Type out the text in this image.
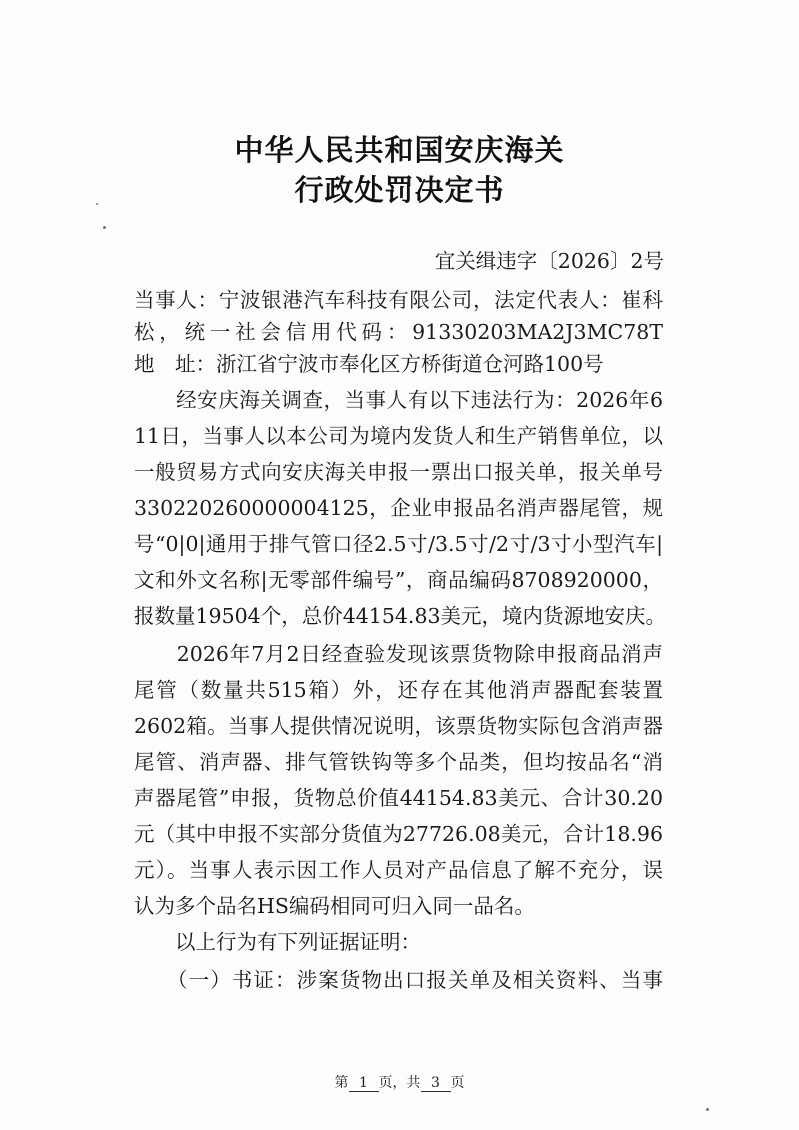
中华人民共和国安庆海关
行政处罚决定书
宜关缉违字〔2026〕2号
当事人：宁波银港汽车科技有限公司，法定代表人：崔科
松，统一社会信用代码：91330203MA2J3MC78T
地　址：浙江省宁波市奉化区方桥街道仓河路100号
　　经安庆海关调查，当事人有以下违法行为：2026年6
11日，当事人以本公司为境内发货人和生产销售单位，以
一般贸易方式向安庆海关申报一票出口报关单，报关单号
330220260000004125，企业申报品名消声器尾管，规
号“0|0|通用于排气管口径2.5寸/3.5寸/2寸/3寸小型汽车|
文和外文名称|无零部件编号”，商品编码8708920000，
报数量19504个，总价44154.83美元，境内货源地安庆。
　　2026年7月2日经查验发现该票货物除申报商品消声
尾管（数量共515箱）外，还存在其他消声器配套装置
2602箱。当事人提供情况说明，该票货物实际包含消声器
尾管、消声器、排气管铁钩等多个品类，但均按品名“消
声器尾管”申报，货物总价值44154.83美元、合计30.20
元（其中申报不实部分货值为27726.08美元，合计18.96
元）。当事人表示因工作人员对产品信息了解不充分，误
认为多个品名HS编码相同可归入同一品名。
　　以上行为有下列证据证明：
　　（一）书证：涉案货物出口报关单及相关资料、当事
第 1 页，共 3 页
